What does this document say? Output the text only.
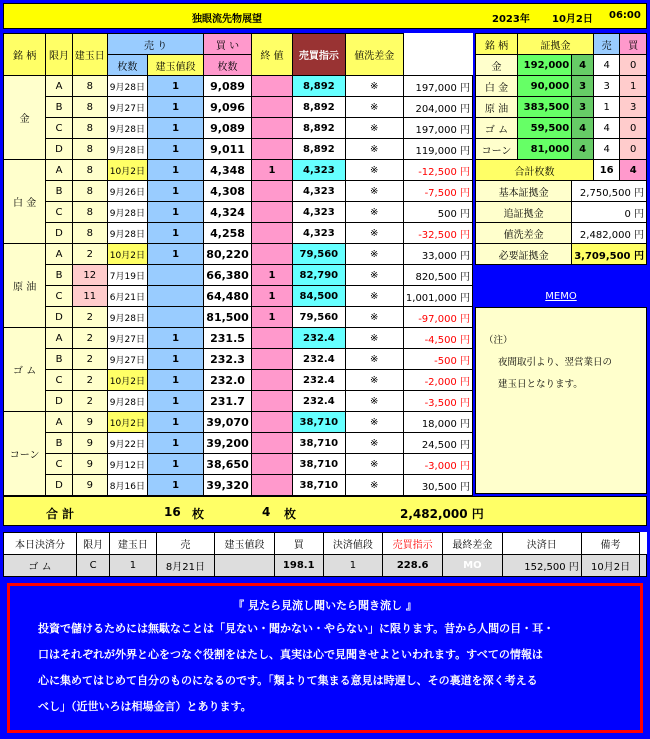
独眼流先物展望	2023年 10月2日 06:00
銘 柄	限月	建玉日	売 り		買 い	終 値	売買指示	値洗差金	
			枚数	建玉値段	枚数				
金	A	8	9月28日	1	9,089		8,892	※	197,000 円
	B	8	9月27日	1	9,096		8,892	※	204,000 円
	C	8	9月28日	1	9,089		8,892	※	197,000 円
	D	8	9月28日	1	9,011		8,892	※	119,000 円
白 金	A	8	10月2日	1	4,348	1	4,323	※	-12,500 円
	B	8	9月26日	1	4,308		4,323	※	-7,500 円
	C	8	9月28日	1	4,324		4,323	※	500 円
	D	8	9月28日	1	4,258		4,323	※	-32,500 円
原 油	A	2	10月2日	1	80,220		79,560	※	33,000 円
	B	12	7月19日		66,380	1	82,790	※	820,500 円
	C	11	6月21日		64,480	1	84,500	※	1,001,000 円
	D	2	9月28日		81,500	1	79,560	※	-97,000 円
ゴ ム	A	2	9月27日	1	231.5		232.4	※	-4,500 円
	B	2	9月27日	1	232.3		232.4	※	-500 円
	C	2	10月2日	1	232.0		232.4	※	-2,000 円
	D	2	9月28日	1	231.7		232.4	※	-3,500 円
コーン	A	9	10月2日	1	39,070		38,710	※	18,000 円
	B	9	9月22日	1	39,200		38,710	※	24,500 円
	C	9	9月12日	1	38,650		38,710	※	-3,000 円
	D	9	8月16日	1	39,320		38,710	※	30,500 円
銘 柄	証拠金		売	買
金	192,000	4	4	0
白 金	90,000	3	3	1
原 油	383,500	3	1	3
ゴ ム	59,500	4	4	0
コーン	81,000	4	4	0
合計枚数			16	4
基本証拠金		2,750,500 円		
追証拠金		0 円		
値洗差金		2,482,000 円		
必要証拠金		3,709,500 円		
MEMO
（注）
夜間取引より、翌営業日の
建玉日となります。
合 計	16 枚	4 枚	2,482,000 円
本日決済分	限月	建玉日	売	建玉値段	買	決済値段	売買指示	最終差金	決済日	備考	
ゴ ム	C	1	8月21日		198.1	1	228.6	MO	152,500 円	10月2日	
『 見たら見流し聞いたら聞き流し 』

投資で儲けるためには無駄なことは「見ない・聞かない・やらない」に限ります。昔から人間の目・耳・
口はそれぞれが外界と心をつなぐ役割をはたし、真実は心で見聞きせよといわれます。すべての情報は
心に集めてはじめて自分のものになるのです。「類よりて集まる意見は時遅し、その裏道を深く考える
べし」（近世いろは相場金言）とあります。
